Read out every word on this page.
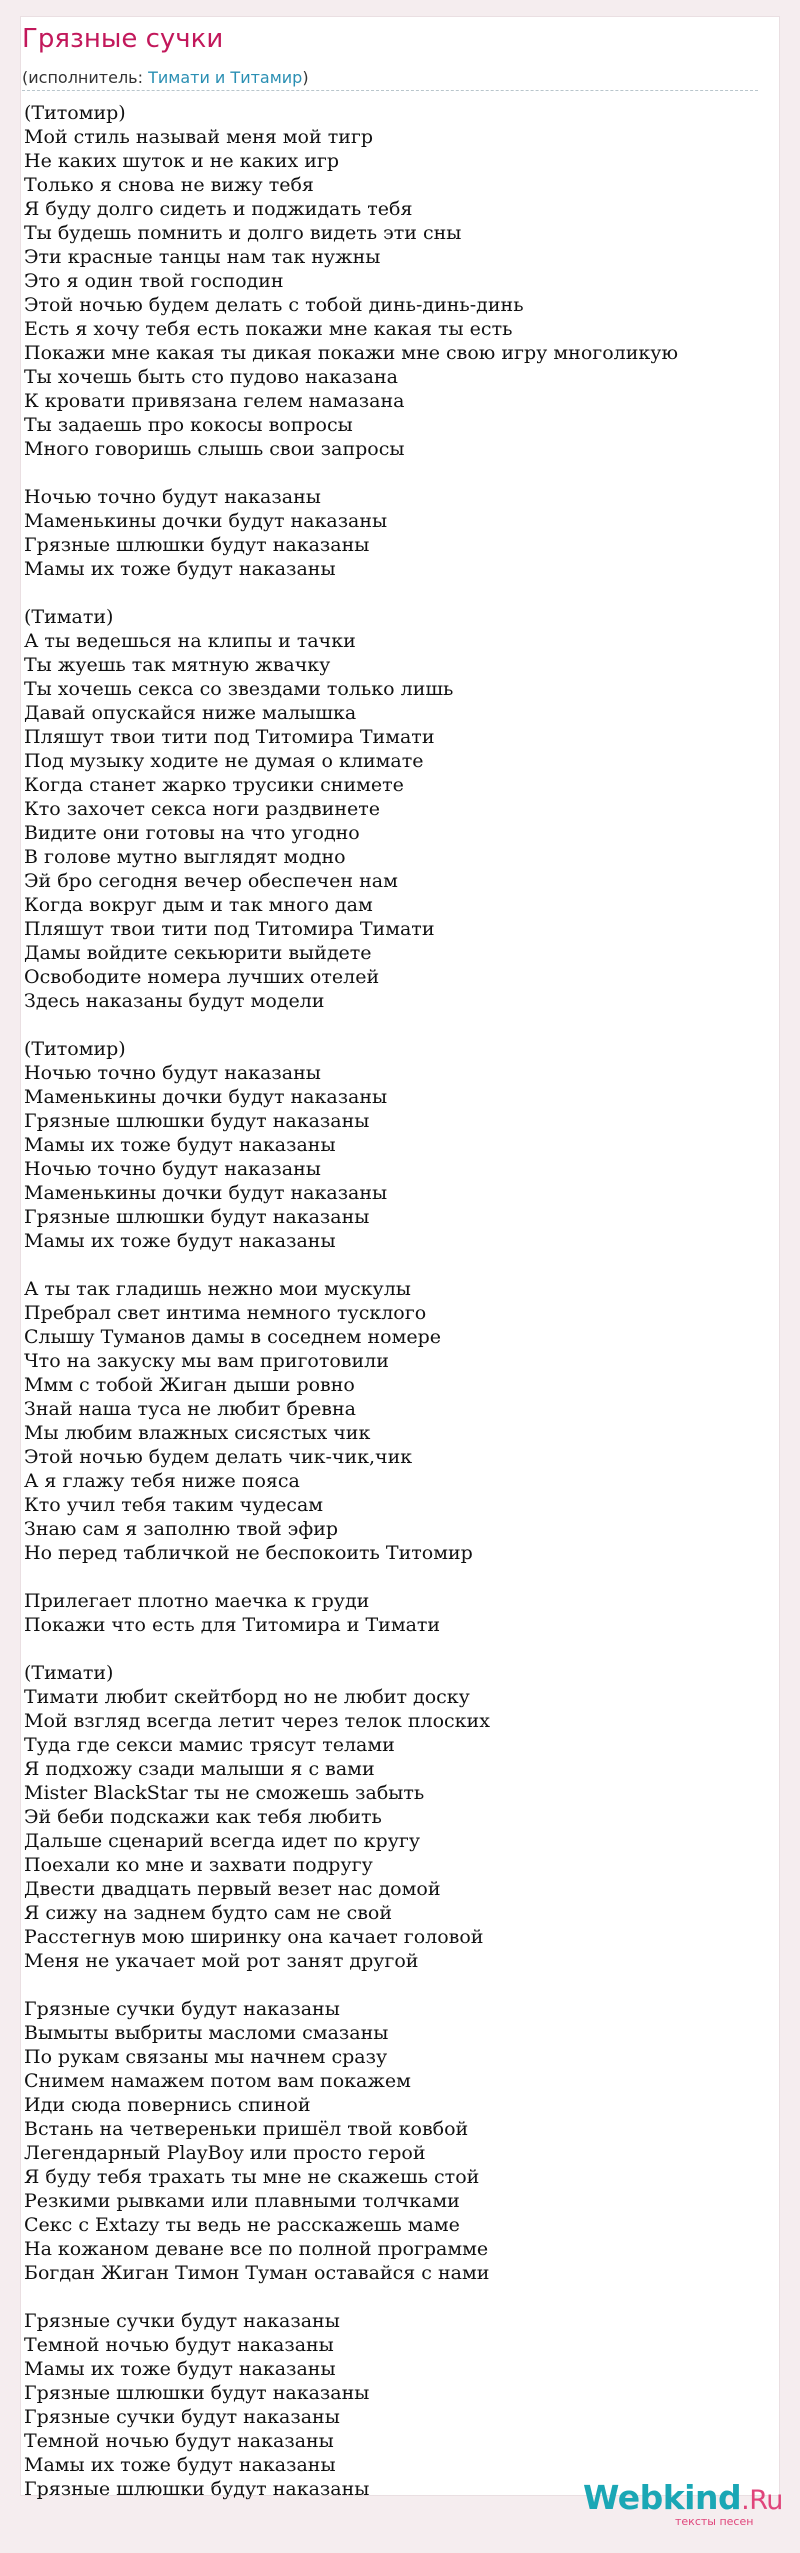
Грязные сучки
(исполнитель: Тимати и Титамир)
(Титомир)
Мой стиль называй меня мой тигр
Не каких шуток и не каких игр
Только я снова не вижу тебя
Я буду долго сидеть и поджидать тебя
Ты будешь помнить и долго видеть эти сны
Эти красные танцы нам так нужны
Это я один твой господин
Этой ночью будем делать с тобой динь-динь-динь
Есть я хочу тебя есть покажи мне какая ты есть
Покажи мне какая ты дикая покажи мне свою игру многоликую
Ты хочешь быть сто пудово наказана
К кровати привязана гелем намазана
Ты задаешь про кокосы вопросы
Много говоришь слышь свои запросы
Ночью точно будут наказаны
Маменькины дочки будут наказаны
Грязные шлюшки будут наказаны
Мамы их тоже будут наказаны
(Тимати)
А ты ведешься на клипы и тачки
Ты жуешь так мятную жвачку
Ты хочешь секса со звездами только лишь
Давай опускайся ниже малышка
Пляшут твои тити под Титомира Тимати
Под музыку ходите не думая о климате
Когда станет жарко трусики снимете
Кто захочет секса ноги раздвинете
Видите они готовы на что угодно
В голове мутно выглядят модно
Эй бро сегодня вечер обеспечен нам
Когда вокруг дым и так много дам
Пляшут твои тити под Титомира Тимати
Дамы войдите секьюрити выйдете
Освободите номера лучших отелей
Здесь наказаны будут модели
(Титомир)
Ночью точно будут наказаны
Маменькины дочки будут наказаны
Грязные шлюшки будут наказаны
Мамы их тоже будут наказаны
Ночью точно будут наказаны
Маменькины дочки будут наказаны
Грязные шлюшки будут наказаны
Мамы их тоже будут наказаны
А ты так гладишь нежно мои мускулы
Пребрал свет интима немного тусклого
Слышу Туманов дамы в соседнем номере
Что на закуску мы вам приготовили
Ммм с тобой Жиган дыши ровно
Знай наша туса не любит бревна
Мы любим влажных сисястых чик
Этой ночью будем делать чик-чик,чик
А я глажу тебя ниже пояса
Кто учил тебя таким чудесам
Знаю сам я заполню твой эфир
Но перед табличкой не беспокоить Титомир
Прилегает плотно маечка к груди
Покажи что есть для Титомира и Тимати
(Тимати)
Тимати любит скейтборд но не любит доску
Мой взгляд всегда летит через телок плоских
Туда где секси мамис трясут телами
Я подхожу сзади малыши я с вами
Mister BlackStar ты не сможешь забыть
Эй беби подскажи как тебя любить
Дальше сценарий всегда идет по кругу
Поехали ко мне и захвати подругу
Двести двадцать первый везет нас домой
Я сижу на заднем будто сам не свой
Расстегнув мою ширинку она качает головой
Меня не укачает мой рот занят другой
Грязные сучки будут наказаны
Вымыты выбриты масломи смазаны
По рукам связаны мы начнем сразу
Снимем намажем потом вам покажем
Иди сюда повернись спиной
Встань на четвереньки пришёл твой ковбой
Легендарный PlayBoy или просто герой
Я буду тебя трахать ты мне не скажешь стой
Резкими рывками или плавными толчками
Секс с Extazy ты ведь не расскажешь маме
На кожаном деване все по полной программе
Богдан Жиган Тимон Туман оставайся с нами
Грязные сучки будут наказаны
Темной ночью будут наказаны
Мамы их тоже будут наказаны
Грязные шлюшки будут наказаны
Грязные сучки будут наказаны
Темной ночью будут наказаны
Мамы их тоже будут наказаны
Грязные шлюшки будут наказаны	Webkind.Ru
тексты песен
